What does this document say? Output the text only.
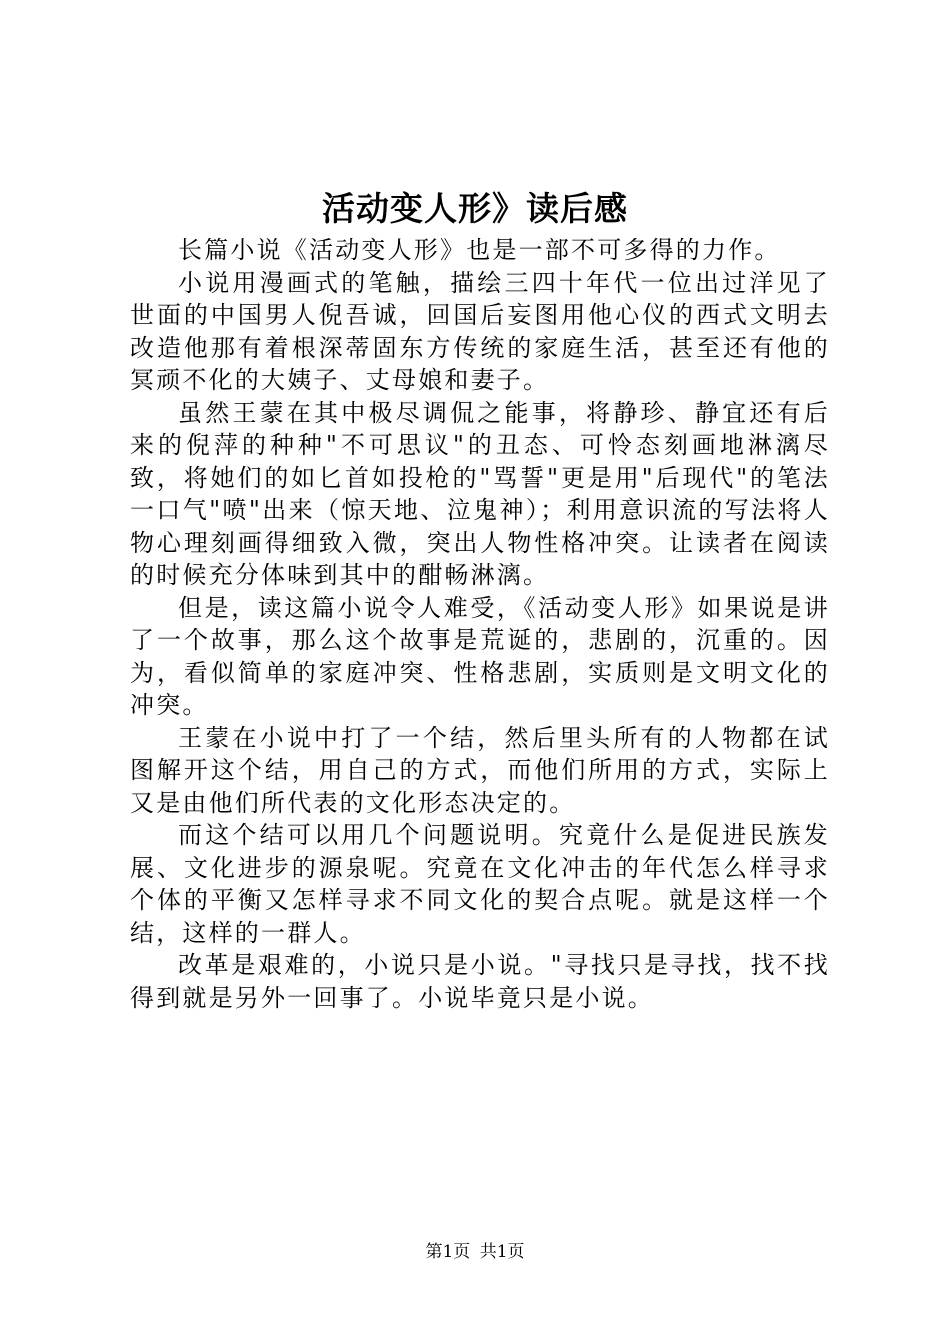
活动变人形》读后感

长篇小说《活动变人形》也是一部不可多得的力作。

小说用漫画式的笔触，描绘三四十年代一位出过洋见了世面的中国男人倪吾诚，回国后妄图用他心仪的西式文明去改造他那有着根深蒂固东方传统的家庭生活，甚至还有他的冥顽不化的大姨子、丈母娘和妻子。

虽然王蒙在其中极尽调侃之能事，将静珍、静宜还有后来的倪萍的种种"不可思议"的丑态、可怜态刻画地淋漓尽致，将她们的如匕首如投枪的"骂誓"更是用"后现代"的笔法一口气"喷"出来（惊天地、泣鬼神）；利用意识流的写法将人物心理刻画得细致入微，突出人物性格冲突。让读者在阅读的时候充分体味到其中的酣畅淋漓。

但是，读这篇小说令人难受，《活动变人形》如果说是讲了一个故事，那么这个故事是荒诞的，悲剧的，沉重的。因为，看似简单的家庭冲突、性格悲剧，实质则是文明文化的冲突。

王蒙在小说中打了一个结，然后里头所有的人物都在试图解开这个结，用自己的方式，而他们所用的方式，实际上又是由他们所代表的文化形态决定的。

而这个结可以用几个问题说明。究竟什么是促进民族发展、文化进步的源泉呢。究竟在文化冲击的年代怎么样寻求个体的平衡又怎样寻求不同文化的契合点呢。就是这样一个结，这样的一群人。

改革是艰难的，小说只是小说。"寻找只是寻找，找不找得到就是另外一回事了。小说毕竟只是小说。

第1页 共1页
